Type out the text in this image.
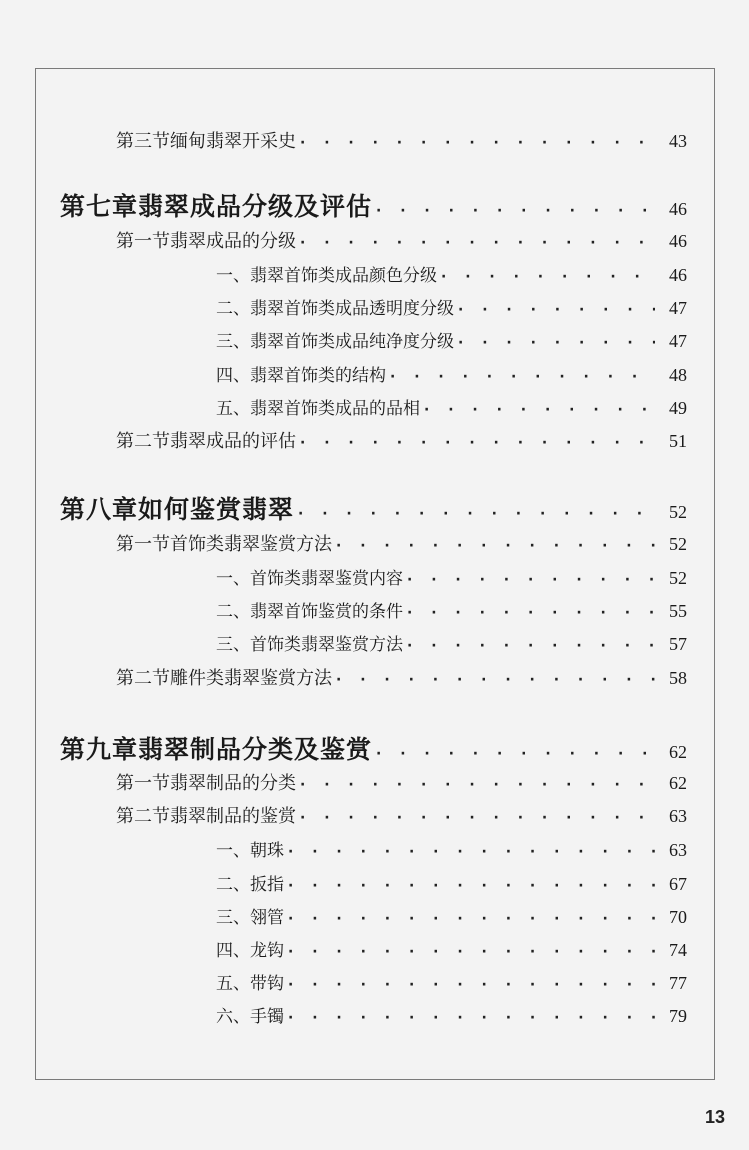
第三节 缅甸翡翠开采史 · · ·	43
第七章 翡翠成品分级及评估 · · ·	46
第一节 翡翠成品的分级 · · ·	46
一、翡翠首饰类成品颜色分级 · · ·	46
二、翡翠首饰类成品透明度分级 · · ·	47
三、翡翠首饰类成品纯净度分级 · · ·	47
四、翡翠首饰类的结构 · · ·	48
五、翡翠首饰类成品的品相 · · ·	49
第二节 翡翠成品的评估 · · ·	51
第八章 如何鉴赏翡翠 · · ·	52
第一节 首饰类翡翠鉴赏方法 · · ·	52
一、首饰类翡翠鉴赏内容 · · ·	52
二、翡翠首饰鉴赏的条件 · · ·	55
三、首饰类翡翠鉴赏方法 · · ·	57
第二节 雕件类翡翠鉴赏方法 · · ·	58
第九章 翡翠制品分类及鉴赏 · · ·	62
第一节 翡翠制品的分类 · · ·	62
第二节 翡翠制品的鉴赏 · · ·	63
一、朝珠 · · ·	63
二、扳指 · · ·	67
三、翎管 · · ·	70
四、龙钩 · · ·	74
五、带钩 · · ·	77
六、手镯 · · ·	79
13
